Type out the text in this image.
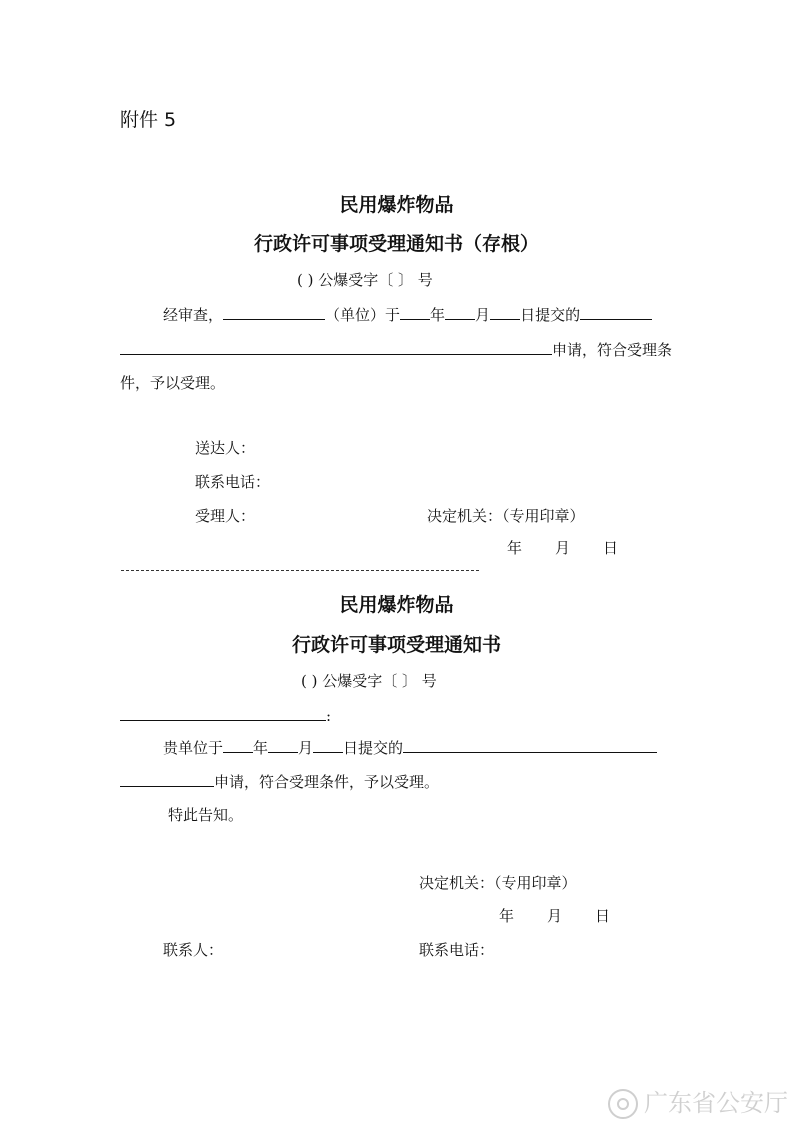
附件 5
民用爆炸物品
行政许可事项受理通知书（存根）
( ) 公爆受字〔 〕 号
经审查，	（单位）于 年 月 日提交的
申请，符合受理条
件，予以受理。
送达人：
联系电话：
受理人：	决定机关：（专用印章）
年 月 日
民用爆炸物品
行政许可事项受理通知书
( ) 公爆受字〔 〕 号
:
贵单位于 年 月 日提交的
申请，符合受理条件，予以受理。
特此告知。
决定机关：（专用印章）
年 月 日
联系人：	联系电话：
广东省公安厅
